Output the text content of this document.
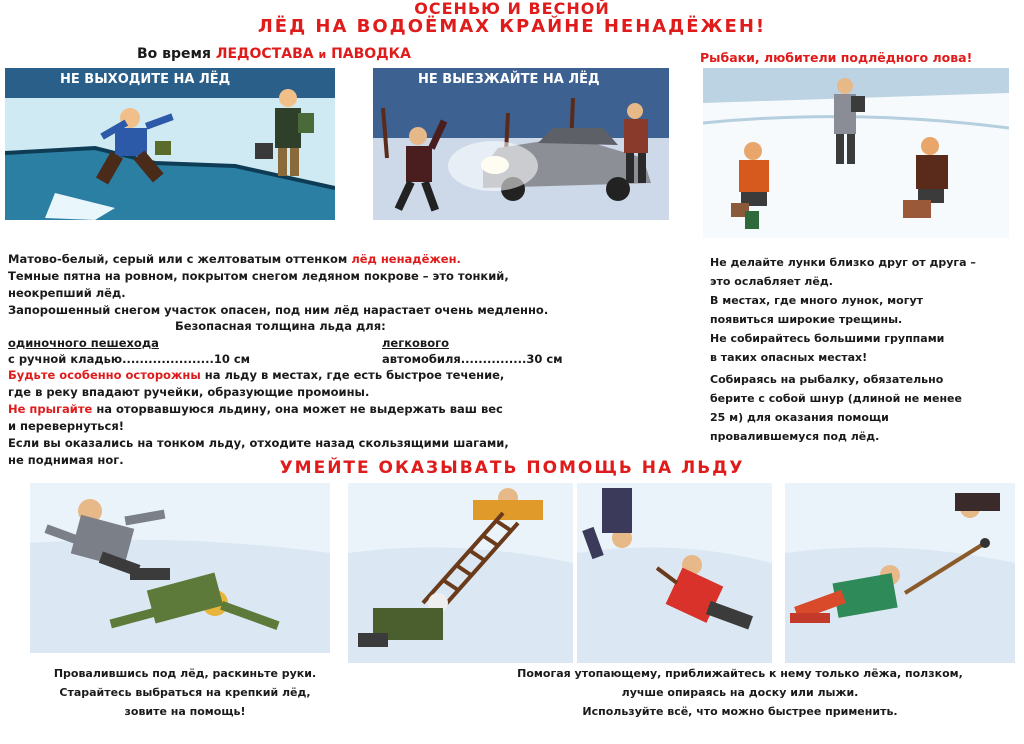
ОСЕНЬЮ И ВЕСНОЙ
ЛЁД НА ВОДОЁМАХ КРАЙНЕ НЕНАДЁЖЕН!
Во время ЛЕДОСТАВА и ПАВОДКА	Рыбаки, любители подлёдного лова!
НЕ ВЫХОДИТЕ НА ЛЁД	НЕ ВЫЕЗЖАЙТЕ НА ЛЁД
Матово-белый, серый или с желтоватым оттенком лёд ненадёжен.
Темные пятна на ровном, покрытом снегом ледяном покрове – это тонкий,
неокрепший лёд.
Запорошенный снегом участок опасен, под ним лёд нарастает очень медленно.
Безопасная толщина льда для:
одиночного пешехода
с ручной кладью.....................10 см
легкового
автомобиля...............30 см
Будьте особенно осторожны на льду в местах, где есть быстрое течение,
где в реку впадают ручейки, образующие промоины.
Не прыгайте на оторвавшуюся льдину, она может не выдержать ваш вес
и перевернуться!
Если вы оказались на тонком льду, отходите назад скользящими шагами,
не поднимая ног.
Не делайте лунки близко друг от друга –
это ослабляет лёд.
В местах, где много лунок, могут
появиться широкие трещины.
Не собирайтесь большими группами
в таких опасных местах!
Собираясь на рыбалку, обязательно
берите с собой шнур (длиной не менее
25 м) для оказания помощи
провалившемуся под лёд.
УМЕЙТЕ ОКАЗЫВАТЬ ПОМОЩЬ НА ЛЬДУ
Провалившись под лёд, раскиньте руки.
Старайтесь выбраться на крепкий лёд,
зовите на помощь!
Помогая утопающему, приближайтесь к нему только лёжа, ползком,
лучше опираясь на доску или лыжи.
Используйте всё, что можно быстрее применить.
